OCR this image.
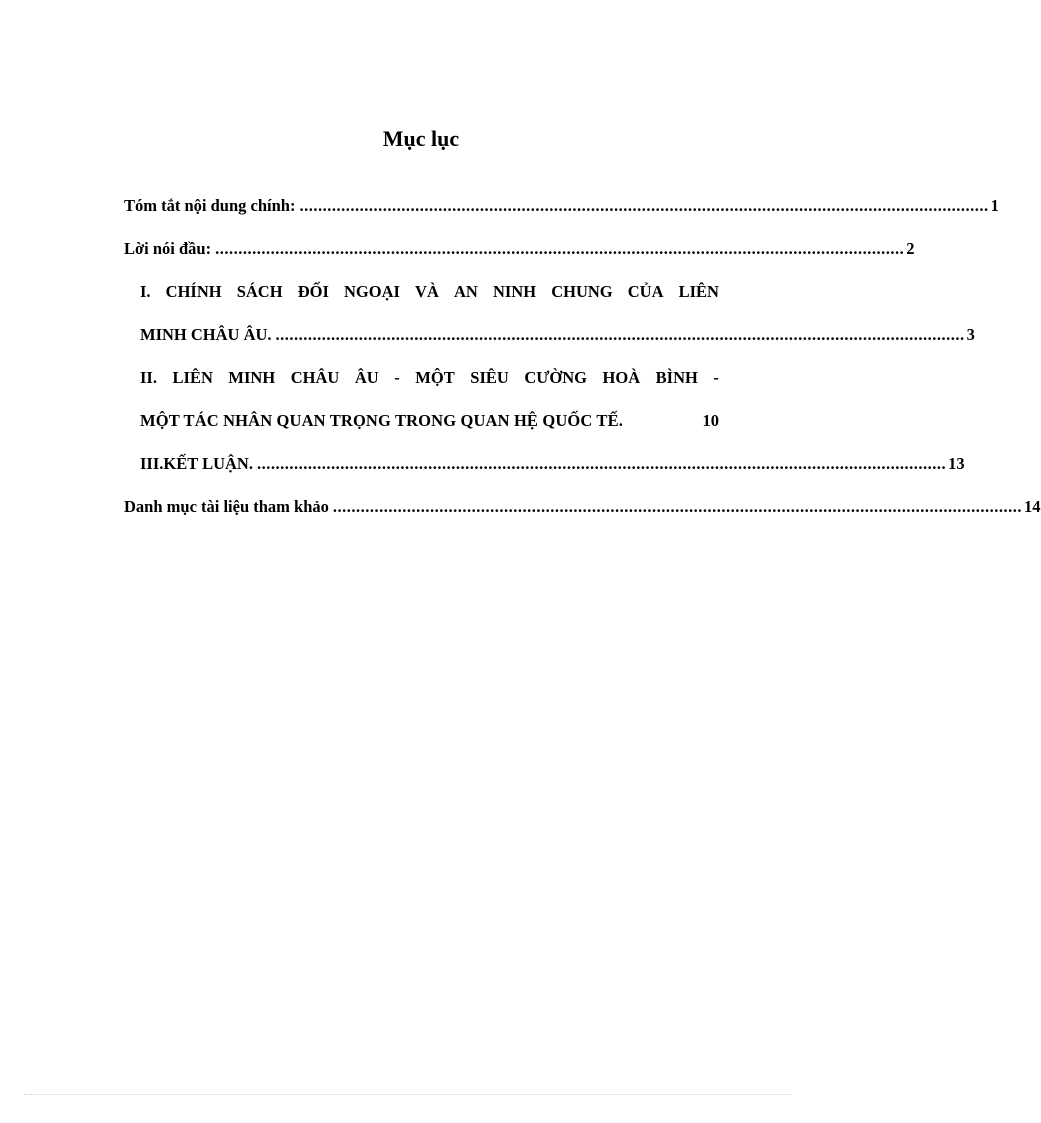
Mục lục
Tóm tắt nội dung chính: ..................................................................................................................................................... 1
Lời nói đầu: ..................................................................................................................................................... 2
I. CHÍNH SÁCH ĐỐI NGOẠI VÀ AN NINH CHUNG CỦA LIÊN
MINH CHÂU ÂU. ..................................................................................................................................................... 3
II. LIÊN MINH CHÂU ÂU - MỘT SIÊU CƯỜNG HOÀ BÌNH -
MỘT TÁC NHÂN QUAN TRỌNG TRONG QUAN HỆ QUỐC TẾ.	10
III. KẾT LUẬN. ..................................................................................................................................................... 13
Danh mục tài liệu tham khảo ..................................................................................................................................................... 14
